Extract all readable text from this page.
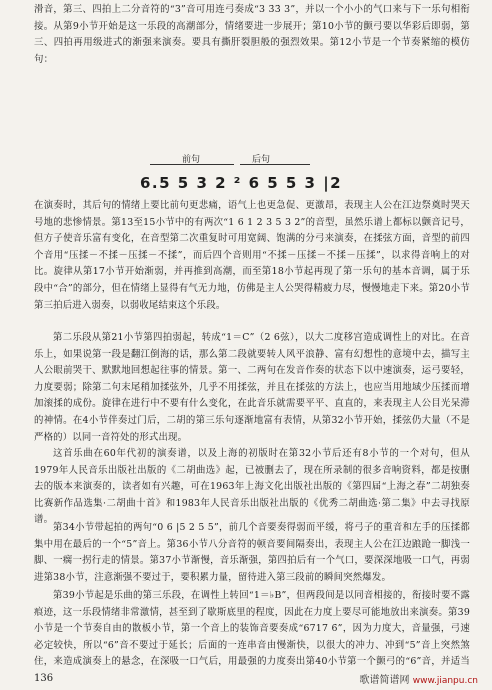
滑音，第三、四拍上二分音符的“3”音可用连弓奏成“3 3̇3̇ 3”，并以一个小小的气口来与下一乐句相衔接。从第9小节开始是这一乐段的高潮部分，情绪要进一步展开；第10小节的颤弓要以华彩后即弱，第三、四拍再用级进式的渐强来演奏。要具有撕肝裂胆般的强烈效果。第12小节是一个节奏紧缩的模仿句：

前句	后句
6.5 5 3 2 ² 6 5 5 3 |2

在演奏时，其后句的情绪上要比前句更悲痛，语气上也更急促、更激昂，表现主人公在江边祭奠时哭天号地的悲惨情景。第13至15小节中的有两次“1 6 1 2 3 5 3 2”的音型，虽然乐谱上都标以颤音记号，但方子使音乐富有变化，在音型第二次重复时可用宽阔、饱满的分弓来演奏，在揉弦方面，音型的前四个音用“压揉－不揉－压揉－不揉”，而后四个音则用“不揉－压揉－不揉－压揉”，以求得音响上的对比。旋律从第17小节开始渐弱，并再推到高潮，而至第18小节起再现了第一乐句的基本音调，属于乐段中“合”的部分，但在情绪上显得有气无力地，仿佛是主人公哭得精疲力尽，慢慢地走下来。第20小节第三拍后进入弱奏，以弱收尾结束这个乐段。

第二乐段从第21小节第四拍弱起，转成“1＝C”（2 6弦），以大二度移宫造成调性上的对比。在音乐上，如果说第一段是翻江倒海的话，那么第二段就要转人风平浪静、富有幻想性的意境中去，描写主人公眼前哭干、默默地回想起往事的情景。第一、二两句在发音作奏的状态下以中速演奏，运弓要轻，力度要弱；除第二句末尾稍加揉弦外，几乎不用揉弦，并且在揉弦的方法上，也应当用地域少压揉而增加滚揉的成份。旋律在进行中不要有什么变化，在此音乐就需要平平、直直的，来表现主人公目光呆滞的神情。在4小节伴奏过门后，二胡的第三乐句逐渐地富有表情，从第32小节开始，揉弦仍大量（不是严格的）以同一音符处的形式出现。

这首乐曲在60年代初的演奏谱，以及上海的初版时在第32小节后还有8小节的一个对句，但从1979年人民音乐出版社出版的《二胡曲选》起，已被删去了，现在所录制的很多音响资料，都是按删去的版本来演奏的，读者如有兴趣，可在1963年上海文化出版社出版的《第四届“上海之春”二胡独奏比赛新作品选集·二胡曲十首》和1983年人民音乐出版社出版的《优秀二胡曲选·第二集》中去寻找原谱。

第34小节带起拍的两句“0 6 |5 2 5 5”，前几个音要奏得弱而平缓，将弓子的重音和左手的压揉都集中用在最后的一个“5”音上。第36小节八分音符的顿音要间隔奏出，表现主人公在江边踉跄一脚浅一脚、一瘸一拐行走的情景。第37小节渐慢，音乐渐强，第四拍后有一个气口，要深深地吸一口气，再弱进第38小节，注意渐强不要过于，要积累力量，留待进入第三段前的瞬间突然爆发。

第39小节起是乐曲的第三乐段，在调性上转回“1＝♭B”，但两段间是以同音相接的，衔接时要不露痕迹，这一乐段情绪非常激情，甚至到了歇斯底里的程度，因此在力度上要尽可能地放出来演奏。第39小节是一个节奏自由的散板小节，第一个音上的装饰音要奏成“6717 6̇”，因为力度大，音量强，弓速必定较快，所以“6”音不要过于延长；后面的一连串音由慢渐快，以很大的冲力、冲到“5”音上突然煞住，来造成演奏上的悬念，在深吸一口气后，用最强的力度奏出第40小节第一个颤弓的“6”音，并适当

136	歌谱简谱网 www.jianpu.cn
